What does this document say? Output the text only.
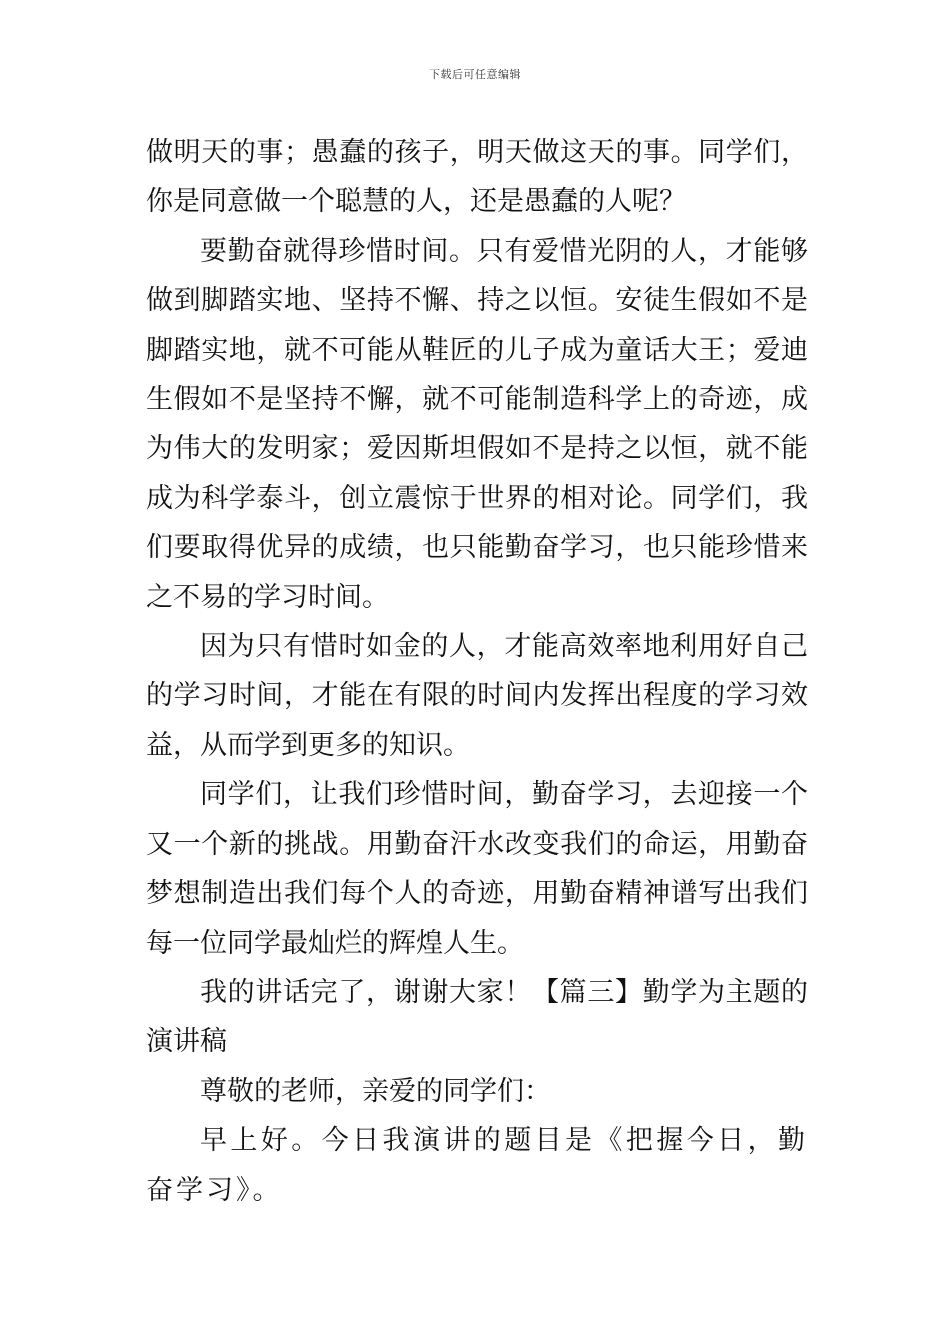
下载后可任意编辑

做明天的事；愚蠢的孩子，明天做这天的事。同学们，你是同意做一个聪慧的人，还是愚蠢的人呢？

要勤奋就得珍惜时间。只有爱惜光阴的人，才能够做到脚踏实地、坚持不懈、持之以恒。安徒生假如不是脚踏实地，就不可能从鞋匠的儿子成为童话大王；爱迪生假如不是坚持不懈，就不可能制造科学上的奇迹，成为伟大的发明家；爱因斯坦假如不是持之以恒，就不能成为科学泰斗，创立震惊于世界的相对论。同学们，我们要取得优异的成绩，也只能勤奋学习，也只能珍惜来之不易的学习时间。

因为只有惜时如金的人，才能高效率地利用好自己的学习时间，才能在有限的时间内发挥出程度的学习效益，从而学到更多的知识。

同学们，让我们珍惜时间，勤奋学习，去迎接一个又一个新的挑战。用勤奋汗水改变我们的命运，用勤奋梦想制造出我们每个人的奇迹，用勤奋精神谱写出我们每一位同学最灿烂的辉煌人生。

我的讲话完了，谢谢大家！【篇三】勤学为主题的演讲稿

尊敬的老师，亲爱的同学们：

早上好。今日我演讲的题目是《把握今日，勤奋学习》。
